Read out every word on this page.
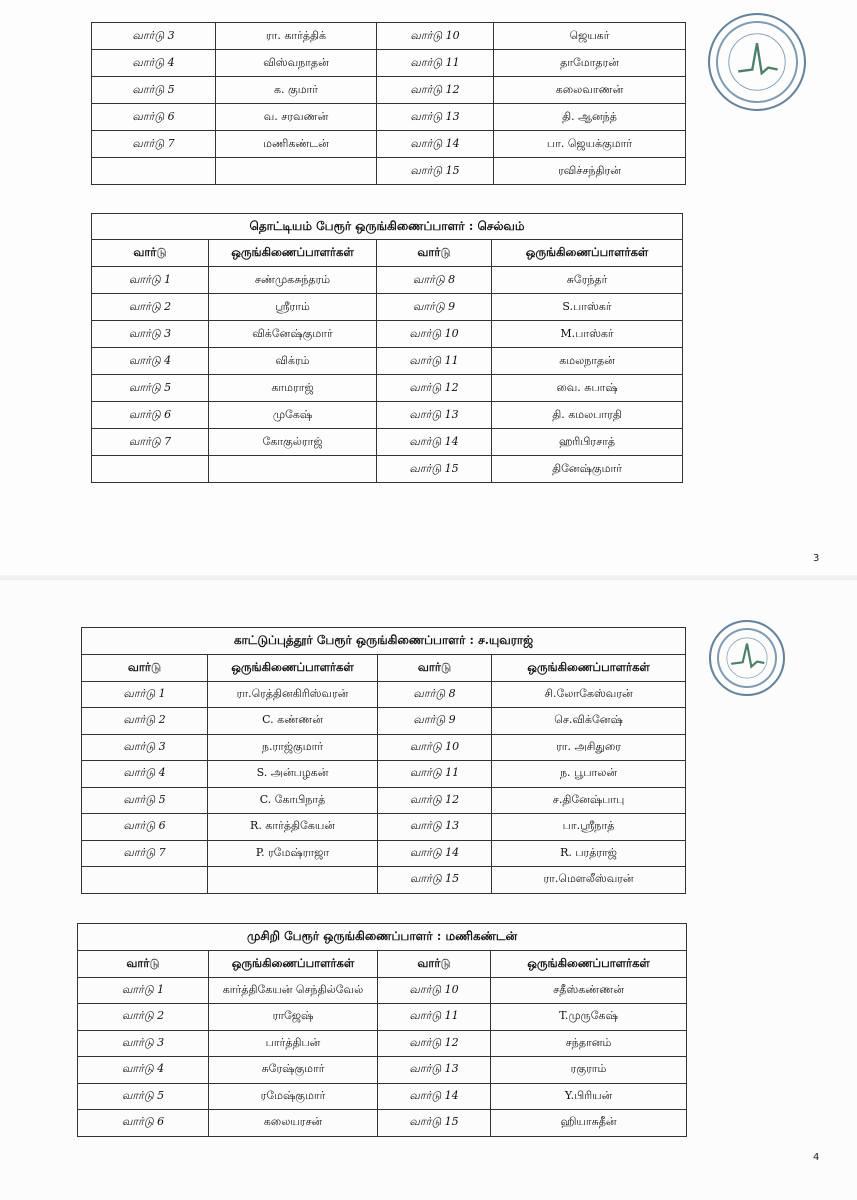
வார்டு 3	ரா. கார்த்திக்	வார்டு 10	ஜெயகர்
வார்டு 4	விஸ்வநாதன்	வார்டு 11	தாமோதரன்
வார்டு 5	க. குமார்	வார்டு 12	கலைவாணன்
வார்டு 6	வ. சரவணன்	வார்டு 13	தி. ஆனந்த்
வார்டு 7	மணிகண்டன்	வார்டு 14	பா. ஜெயக்குமார்
		வார்டு 15	ரவிச்சந்திரன்
தொட்டியம் பேரூர் ஒருங்கிணைப்பாளர் : செல்வம்			
வார்டு	ஒருங்கிணைப்பாளர்கள்	வார்டு	ஒருங்கிணைப்பாளர்கள்
வார்டு 1	சண்முகசுந்தரம்	வார்டு 8	சுரேந்தர்
வார்டு 2	ஸ்ரீராம்	வார்டு 9	S.பாஸ்கர்
வார்டு 3	விக்னேஷ்குமார்	வார்டு 10	M.பாஸ்கர்
வார்டு 4	விக்ரம்	வார்டு 11	கமலநாதன்
வார்டு 5	காமராஜ்	வார்டு 12	வை. சுபாஷ்
வார்டு 6	முகேஷ்	வார்டு 13	தி. கமலபாரதி
வார்டு 7	கோகுல்ராஜ்	வார்டு 14	ஹரிபிரசாத்
		வார்டு 15	தினேஷ்குமார்
3
காட்டுப்புத்தூர் பேரூர் ஒருங்கிணைப்பாளர் : ச.யுவராஜ்			
வார்டு	ஒருங்கிணைப்பாளர்கள்	வார்டு	ஒருங்கிணைப்பாளர்கள்
வார்டு 1	ரா.ரெத்தினகிரிஸ்வரன்	வார்டு 8	சி.லோகேஸ்வரன்
வார்டு 2	C. கண்ணன்	வார்டு 9	செ.விக்னேஷ்
வார்டு 3	ந.ராஜ்குமார்	வார்டு 10	ரா. அசிதுரை
வார்டு 4	S. அன்பழகன்	வார்டு 11	ந. பூபாலன்
வார்டு 5	C. கோபிநாத்	வார்டு 12	ச.தினேஷ்பாபு
வார்டு 6	R. கார்த்திகேயன்	வார்டு 13	பா.ஸ்ரீநாத்
வார்டு 7	P. ரமேஷ்ராஜா	வார்டு 14	R. பரத்ராஜ்
		வார்டு 15	ரா.மௌலீஸ்வரன்
முசிறி பேரூர் ஒருங்கிணைப்பாளர் : மணிகண்டன்			
வார்டு	ஒருங்கிணைப்பாளர்கள்	வார்டு	ஒருங்கிணைப்பாளர்கள்
வார்டு 1	கார்த்திகேயன் செந்தில்வேல்	வார்டு 10	சதீஸ்கண்ணன்
வார்டு 2	ராஜேஷ்	வார்டு 11	T.முருகேஷ்
வார்டு 3	பார்த்திபன்	வார்டு 12	சந்தானம்
வார்டு 4	சுரேஷ்குமார்	வார்டு 13	ரகுராம்
வார்டு 5	ரமேஷ்குமார்	வார்டு 14	Y.பிரியன்
வார்டு 6	கலையரசன்	வார்டு 15	ஹியாசுதீன்
4
